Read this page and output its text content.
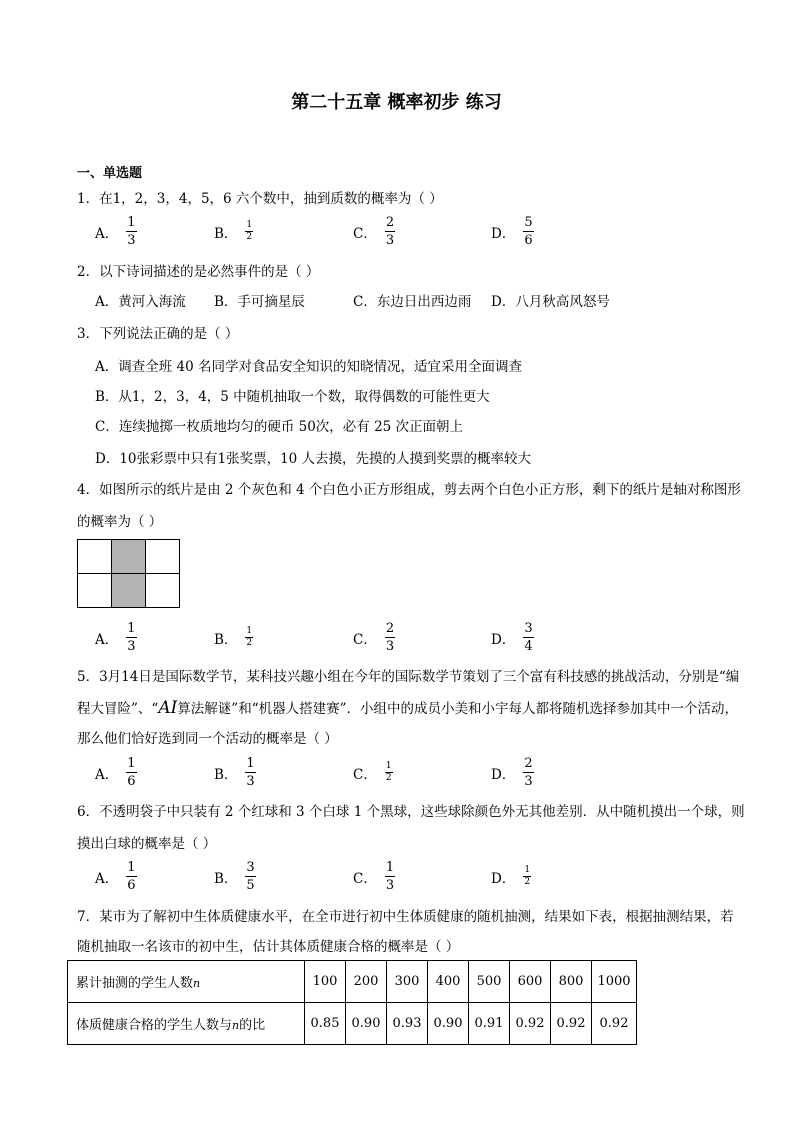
第二十五章 概率初步 练习
一、单选题
1．在1，2，3，4，5，6 六个数中，抽到质数的概率为（ ）
A． $\frac{1}{3}$	B． $\frac{1}{2}$	C． $\frac{2}{3}$	D． $\frac{5}{6}$
2．以下诗词描述的是必然事件的是（ ）
A．黄河入海流 B．手可摘星辰	C．东边日出西边雨 D．八月秋高风怒号
3．下列说法正确的是（ ）
A．调查全班 40 名同学对食品安全知识的知晓情况，适宜采用全面调查
B．从1，2，3，4，5 中随机抽取一个数，取得偶数的可能性更大
C．连续抛掷一枚质地均匀的硬币 50次，必有 25 次正面朝上
D．10张彩票中只有1张奖票，10 人去摸，先摸的人摸到奖票的概率较大
4．如图所示的纸片是由 2 个灰色和 4 个白色小正方形组成，剪去两个白色小正方形，剩下的纸片是轴对称图形
的概率为（ ）

A． $\frac{1}{3}$	B． $\frac{1}{2}$	C． $\frac{2}{3}$	D． $\frac{3}{4}$
5．3月14日是国际数学节，某科技兴趣小组在今年的国际数学节策划了三个富有科技感的挑战活动，分别是“编
程大冒险”、“AI算法解谜”和“机器人搭建赛”．小组中的成员小美和小宇每人都将随机选择参加其中一个活动，
那么他们恰好选到同一个活动的概率是（ ）
A． $\frac{1}{6}$	B． $\frac{1}{3}$	C． $\frac{1}{2}$	D． $\frac{2}{3}$
6．不透明袋子中只装有 2 个红球和 3 个白球 1 个黑球，这些球除颜色外无其他差别．从中随机摸出一个球，则
摸出白球的概率是（ ）
A． $\frac{1}{6}$	B． $\frac{3}{5}$	C． $\frac{1}{3}$	D． $\frac{1}{2}$
7．某市为了解初中生体质健康水平，在全市进行初中生体质健康的随机抽测，结果如下表，根据抽测结果，若
随机抽取一名该市的初中生，估计其体质健康合格的概率是（ ）
累计抽测的学生人数n	100	200	300	400	500	600	800	1000
体质健康合格的学生人数与n的比	0.85	0.90	0.93	0.90	0.91	0.92	0.92	0.92
